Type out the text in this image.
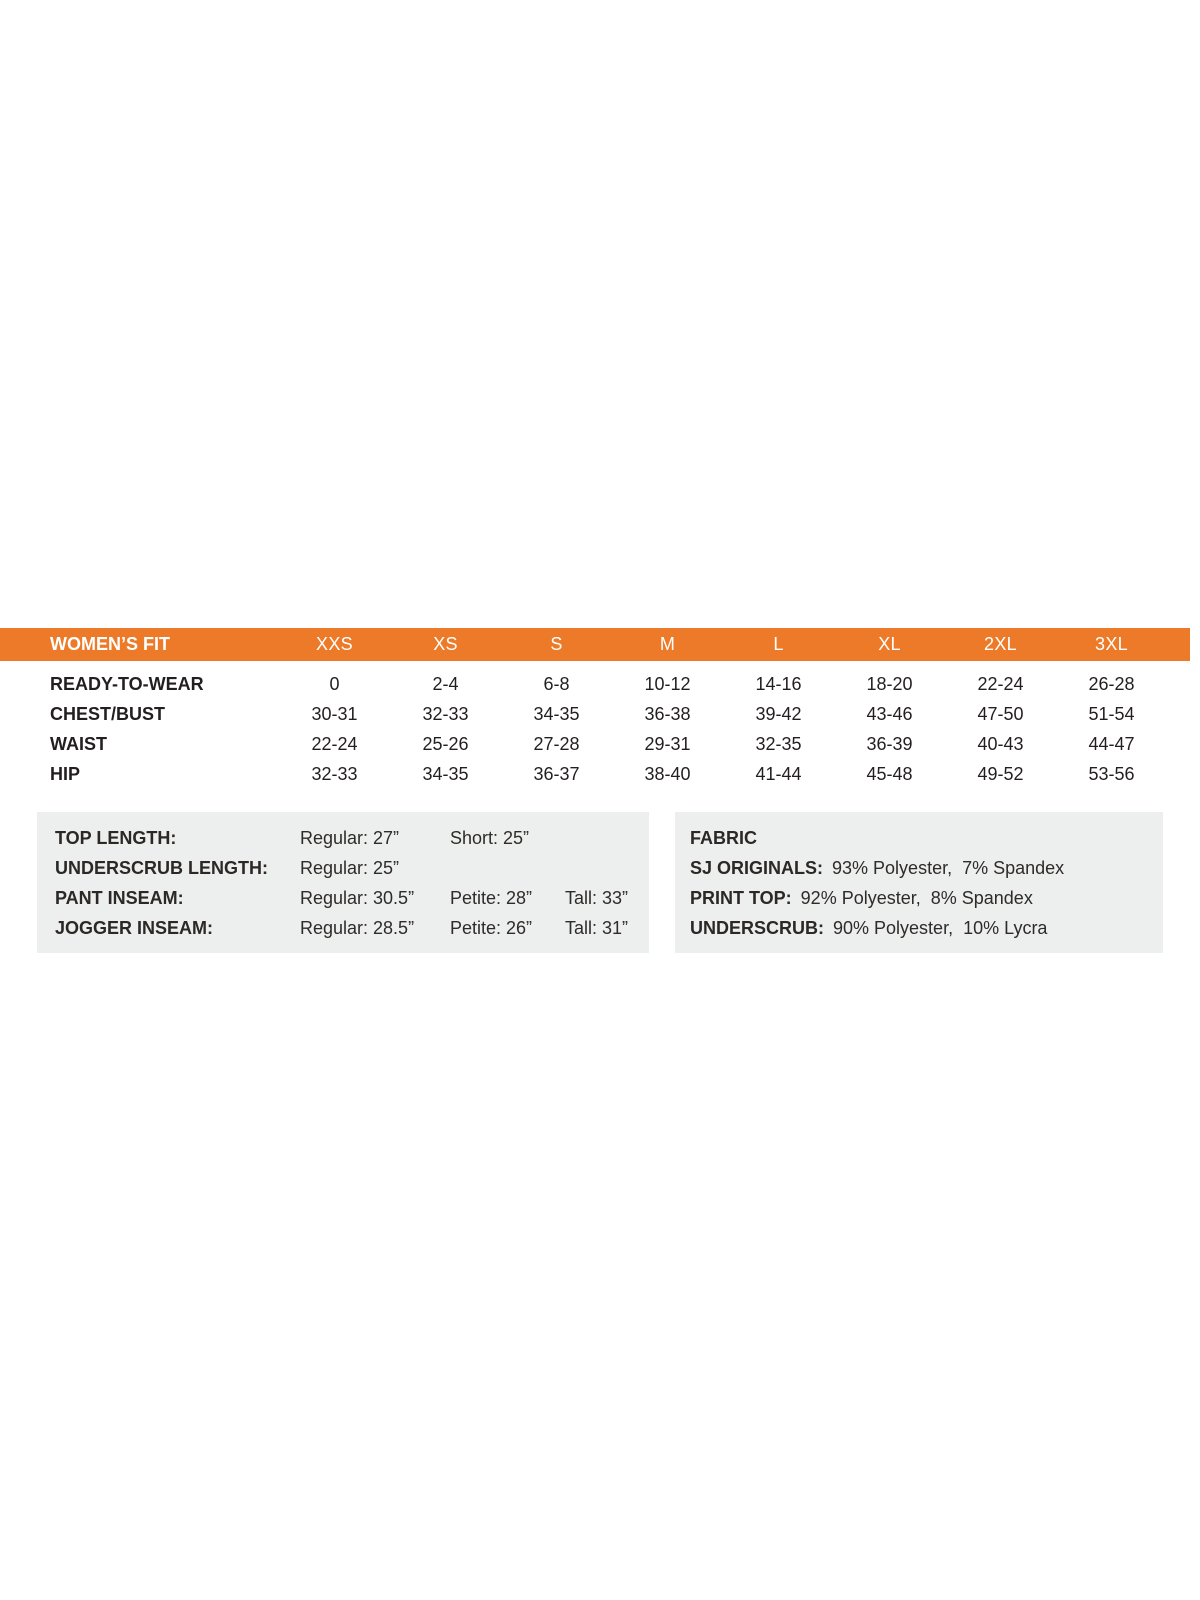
WOMEN’S FIT	XXS	XS	S	M	L	XL	2XL	3XL
READY-TO-WEAR	0	2-4	6-8	10-12	14-16	18-20	22-24	26-28
CHEST/BUST	30-31	32-33	34-35	36-38	39-42	43-46	47-50	51-54
WAIST	22-24	25-26	27-28	29-31	32-35	36-39	40-43	44-47
HIP	32-33	34-35	36-37	38-40	41-44	45-48	49-52	53-56
TOP LENGTH:	Regular: 27”	Short: 25”
UNDERSCRUB LENGTH:	Regular: 25”
PANT INSEAM:	Regular: 30.5”	Petite: 28”	Tall: 33”
JOGGER INSEAM:	Regular: 28.5”	Petite: 26”	Tall: 31”
FABRIC
SJ ORIGINALS: 93% Polyester,  7% Spandex
PRINT TOP: 92% Polyester,  8% Spandex
UNDERSCRUB: 90% Polyester,  10% Lycra
